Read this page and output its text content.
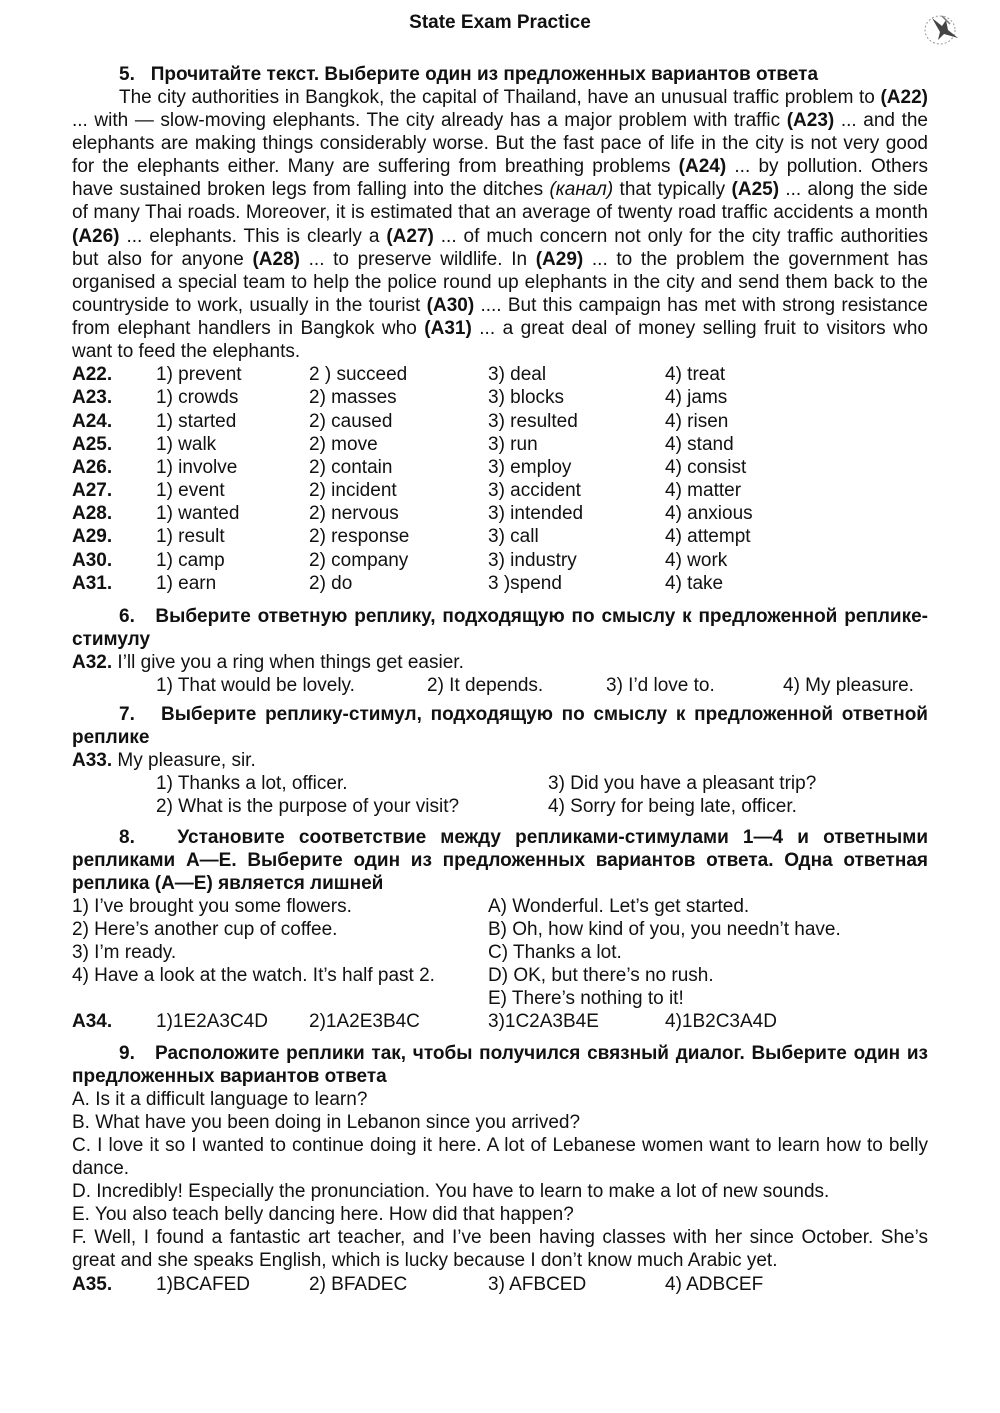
State Exam Practice
5. Прочитайте текст. Выберите один из предложенных вариантов ответа
The city authorities in Bangkok, the capital of Thailand, have an unusual traffic problem to (A22) ... with — slow-moving elephants. The city already has a major problem with traffic (A23) ... and the elephants are making things considerably worse. But the fast pace of life in the city is not very good for the elephants either. Many are suffering from breathing problems (A24) ... by pollution. Others have sustained broken legs from falling into the ditches (канал) that typically (A25) ... along the side of many Thai roads. Moreover, it is estimated that an average of twenty road traffic accidents a month (A26) ... elephants. This is clearly a (A27) ... of much concern not only for the city traffic authorities but also for anyone (A28) ... to preserve wildlife. In (A29) ... to the problem the government has organised a special team to help the police round up elephants in the city and send them back to the countryside to work, usually in the tourist (A30) .... But this campaign has met with strong resistance from elephant handlers in Bangkok who (A31) ... a great deal of money selling fruit to visitors who want to feed the elephants.
A22.	1) prevent	2 ) succeed	3) deal	4) treat
A23.	1) crowds	2) masses	3) blocks	4) jams
A24.	1) started	2) caused	3) resulted	4) risen
A25.	1) walk	2) move	3) run	4) stand
A26.	1) involve	2) contain	3) employ	4) consist
A27.	1) event	2) incident	3) accident	4) matter
A28.	1) wanted	2) nervous	3) intended	4) anxious
A29.	1) result	2) response	3) call	4) attempt
A30.	1) camp	2) company	3) industry	4) work
A31.	1) earn	2) do	3 )spend	4) take
6. Выберите ответную реплику, подходящую по смыслу к предложенной реплике-стимулу
A32. I’ll give you a ring when things get easier.
1) That would be lovely.	2) It depends.	3) I’d love to.	4) My pleasure.
7. Выберите реплику-стимул, подходящую по смыслу к предложенной ответной реплике
A33. My pleasure, sir.
1) Thanks a lot, officer.	3) Did you have a pleasant trip?
2) What is the purpose of your visit?	4) Sorry for being late, officer.
8. Установите соответствие между репликами-стимулами 1—4 и ответными репликами А—Е. Выберите один из предложенных вариантов ответа. Одна ответная реплика (А—Е) является лишней
1) I’ve brought you some flowers.	A) Wonderful. Let’s get started.
2) Here’s another cup of coffee.	B) Oh, how kind of you, you needn’t have.
3) I’m ready.	C) Thanks a lot.
4) Have a look at the watch. It’s half past 2.	D) OK, but there’s no rush.
E) There’s nothing to it!
A34.	1)1E2A3C4D	2)1A2E3B4C	3)1C2A3B4E	4)1B2C3A4D
9. Расположите реплики так, чтобы получился связный диалог. Выберите один из предложенных вариантов ответа
A. Is it a difficult language to learn?
B. What have you been doing in Lebanon since you arrived?
C. I love it so I wanted to continue doing it here. A lot of Lebanese women want to learn how to belly dance.
D. Incredibly! Especially the pronunciation. You have to learn to make a lot of new sounds.
E. You also teach belly dancing here. How did that happen?
F. Well, I found a fantastic art teacher, and I’ve been having classes with her since October. She’s great and she speaks English, which is lucky because I don’t know much Arabic yet.
A35.	1)BCAFED	2) BFADEC	3) AFBCED	4) ADBCEF
